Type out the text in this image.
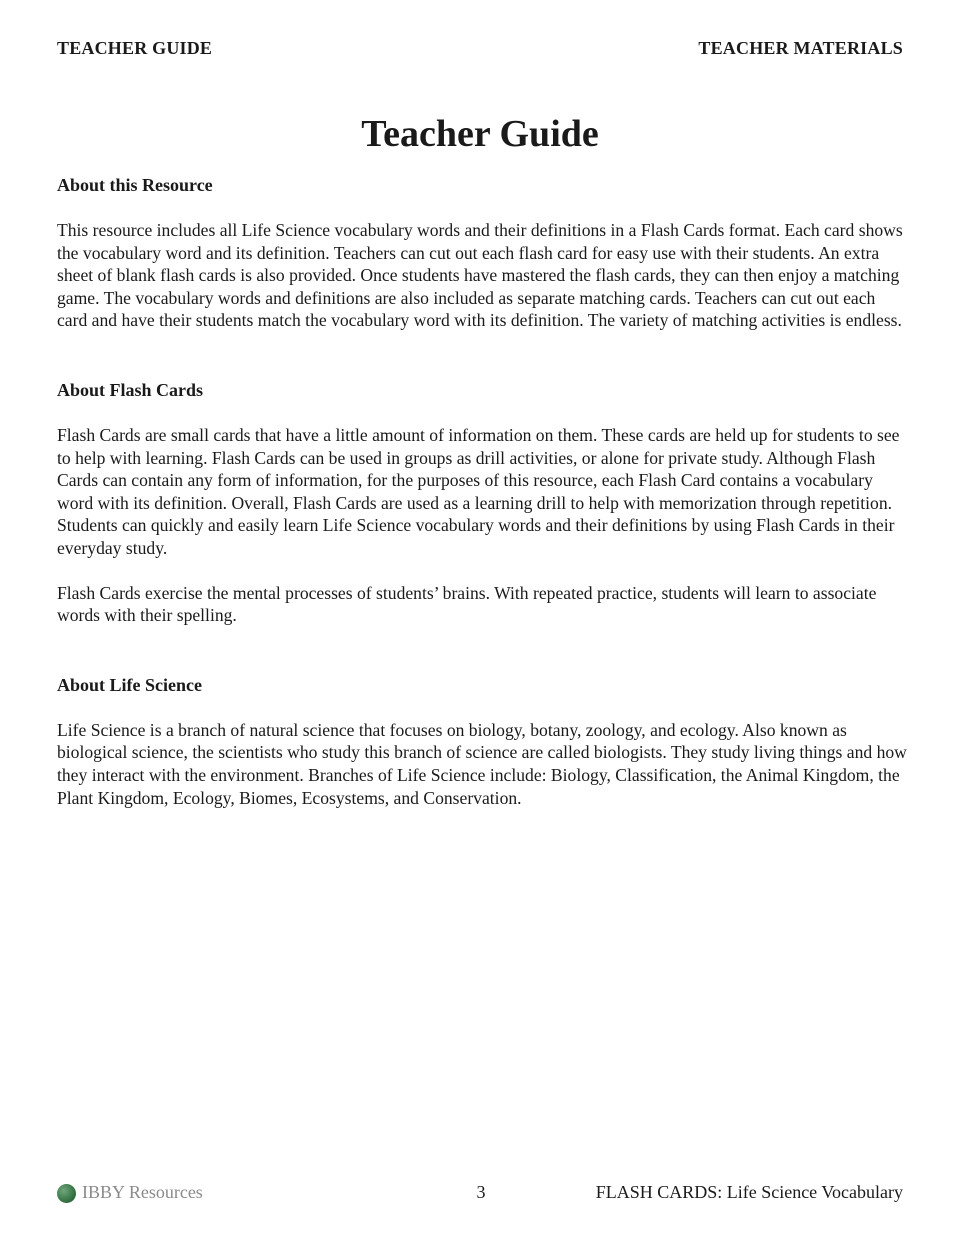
TEACHER GUIDE	TEACHER MATERIALS
Teacher Guide
About this Resource
This resource includes all Life Science vocabulary words and their definitions in a Flash Cards format. Each card shows the vocabulary word and its definition. Teachers can cut out each flash card for easy use with their students. An extra sheet of blank flash cards is also provided. Once students have mastered the flash cards, they can then enjoy a matching game. The vocabulary words and definitions are also included as separate matching cards. Teachers can cut out each card and have their students match the vocabulary word with its definition. The variety of matching activities is endless.
About Flash Cards
Flash Cards are small cards that have a little amount of information on them. These cards are held up for students to see to help with learning. Flash Cards can be used in groups as drill activities, or alone for private study. Although Flash Cards can contain any form of information, for the purposes of this resource, each Flash Card contains a vocabulary word with its definition. Overall, Flash Cards are used as a learning drill to help with memorization through repetition. Students can quickly and easily learn Life Science vocabulary words and their definitions by using Flash Cards in their everyday study.
Flash Cards exercise the mental processes of students’ brains. With repeated practice, students will learn to associate words with their spelling.
About Life Science
Life Science is a branch of natural science that focuses on biology, botany, zoology, and ecology. Also known as biological science, the scientists who study this branch of science are called biologists. They study living things and how they interact with the environment. Branches of Life Science include: Biology, Classification, the Animal Kingdom, the Plant Kingdom, Ecology, Biomes, Ecosystems, and Conservation.
IBBY Resources	3	FLASH CARDS: Life Science Vocabulary
